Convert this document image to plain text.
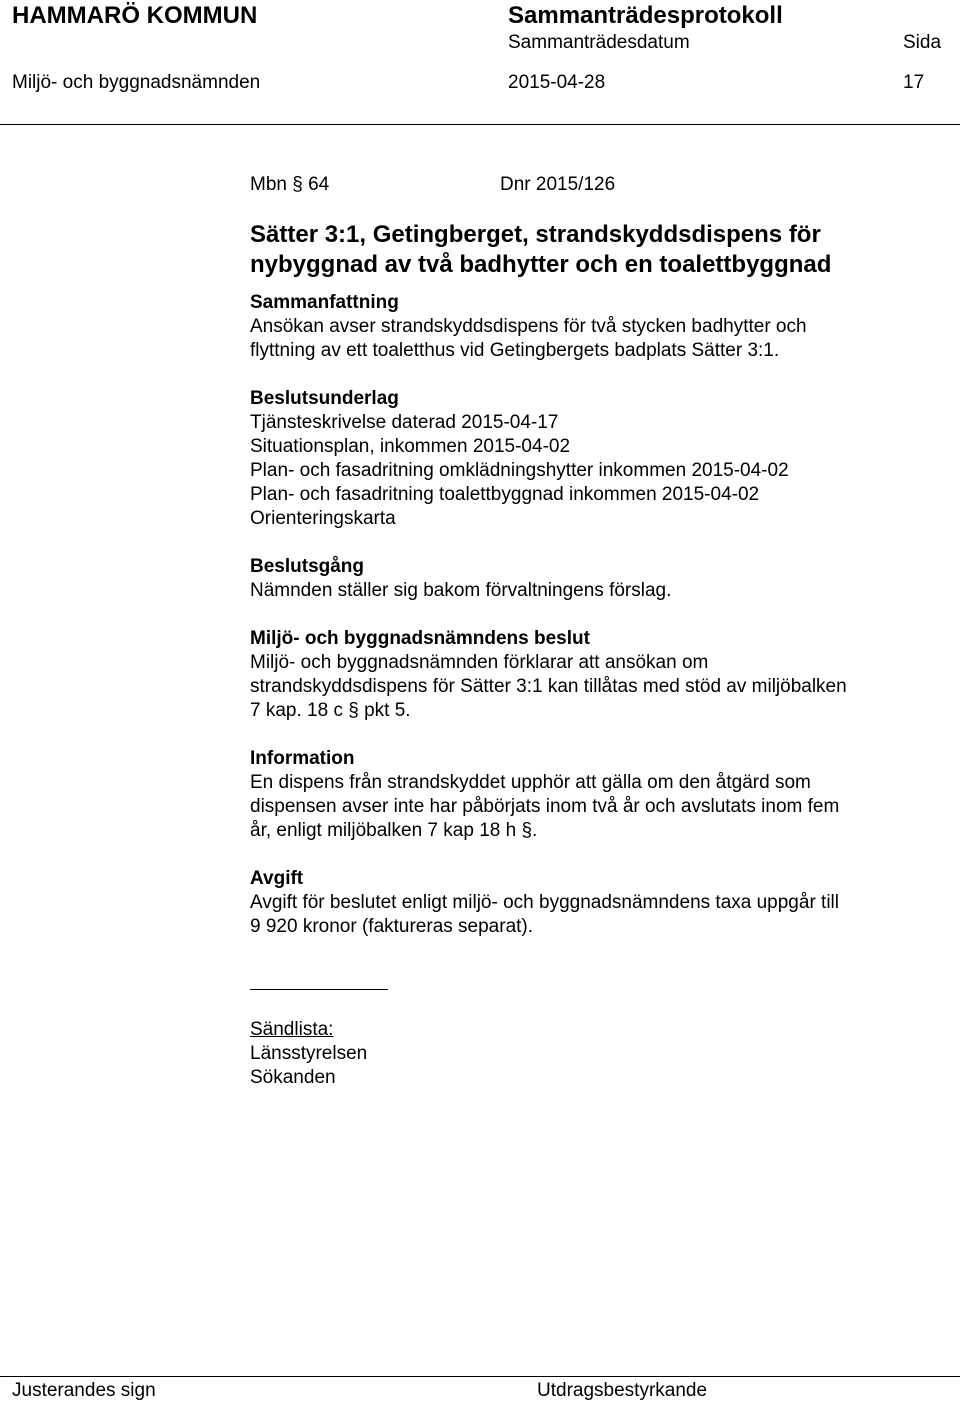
HAMMARÖ KOMMUN	Sammanträdesprotokoll
Sammanträdesdatum	Sida
Miljö- och byggnadsnämnden	2015-04-28	17
Mbn § 64	Dnr 2015/126
Sätter 3:1, Getingberget, strandskyddsdispens för
nybyggnad av två badhytter och en toalettbyggnad
Sammanfattning
Ansökan avser strandskyddsdispens för två stycken badhytter och
flyttning av ett toaletthus vid Getingbergets badplats Sätter 3:1.
Beslutsunderlag
Tjänsteskrivelse daterad 2015-04-17
Situationsplan, inkommen 2015-04-02
Plan- och fasadritning omklädningshytter inkommen 2015-04-02
Plan- och fasadritning toalettbyggnad inkommen 2015-04-02
Orienteringskarta
Beslutsgång
Nämnden ställer sig bakom förvaltningens förslag.
Miljö- och byggnadsnämndens beslut
Miljö- och byggnadsnämnden förklarar att ansökan om
strandskyddsdispens för Sätter 3:1 kan tillåtas med stöd av miljöbalken
7 kap. 18 c § pkt 5.
Information
En dispens från strandskyddet upphör att gälla om den åtgärd som
dispensen avser inte har påbörjats inom två år och avslutats inom fem
år, enligt miljöbalken 7 kap 18 h §.
Avgift
Avgift för beslutet enligt miljö- och byggnadsnämndens taxa uppgår till
9 920 kronor (faktureras separat).
Sändlista:
Länsstyrelsen
Sökanden
Justerandes sign	Utdragsbestyrkande
